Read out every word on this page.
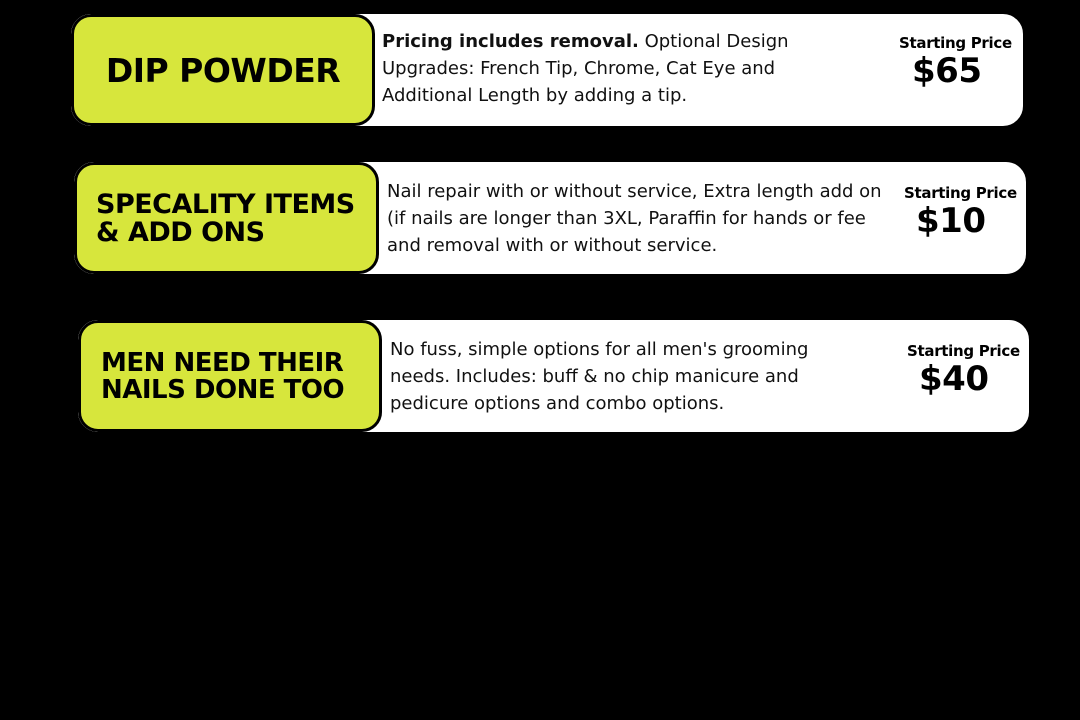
DIP POWDER
Pricing includes removal. Optional Design Upgrades: French Tip, Chrome, Cat Eye and Additional Length by adding a tip.
Starting Price
$65
SPECALITY ITEMS
& ADD ONS
Nail repair with or without service, Extra length add on (if nails are longer than 3XL, Paraffin for hands or fee and removal with or without service.
Starting Price
$10
MEN NEED THEIR
NAILS DONE TOO
No fuss, simple options for all men's grooming needs. Includes: buff & no chip manicure and pedicure options and combo options.
Starting Price
$40
